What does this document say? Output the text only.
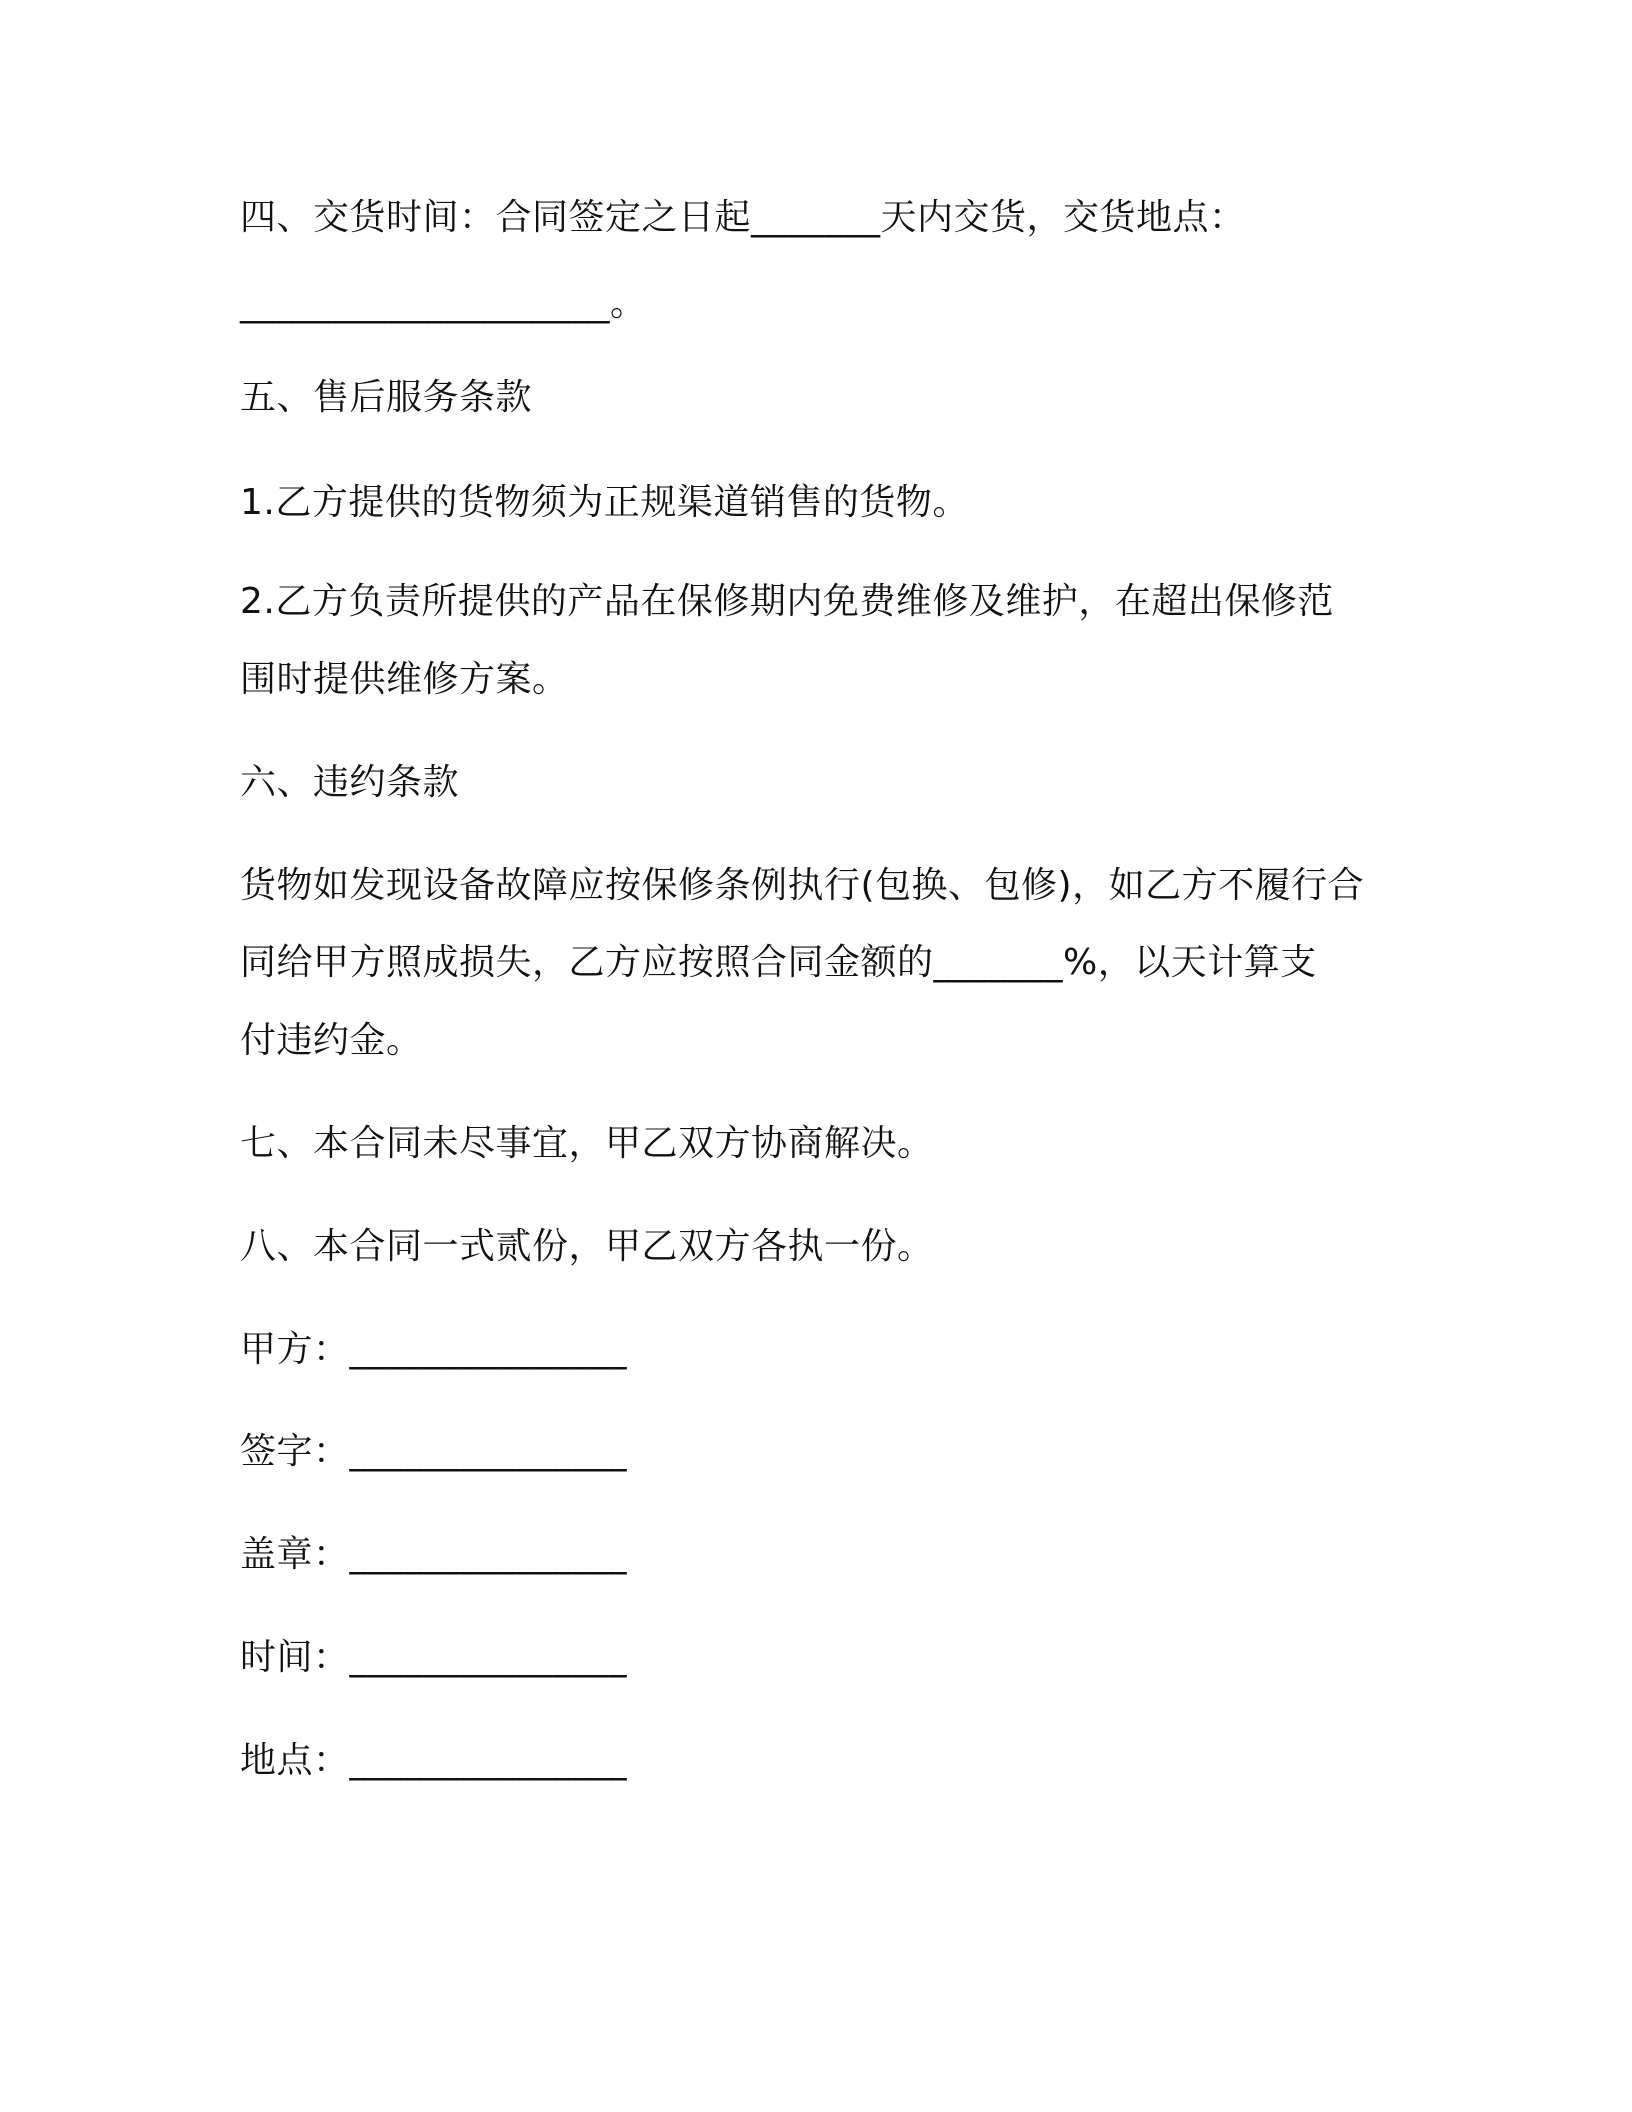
四、交货时间：合同签定之日起_______天内交货，交货地点：
____________________。
五、售后服务条款
1.乙方提供的货物须为正规渠道销售的货物。
2.乙方负责所提供的产品在保修期内免费维修及维护，在超出保修范
围时提供维修方案。
六、违约条款
货物如发现设备故障应按保修条例执行(包换、包修)，如乙方不履行合
同给甲方照成损失，乙方应按照合同金额的_______%，以天计算支
付违约金。
七、本合同未尽事宜，甲乙双方协商解决。
八、本合同一式贰份，甲乙双方各执一份。
甲方：_______________
签字：_______________
盖章：_______________
时间：_______________
地点：_______________
